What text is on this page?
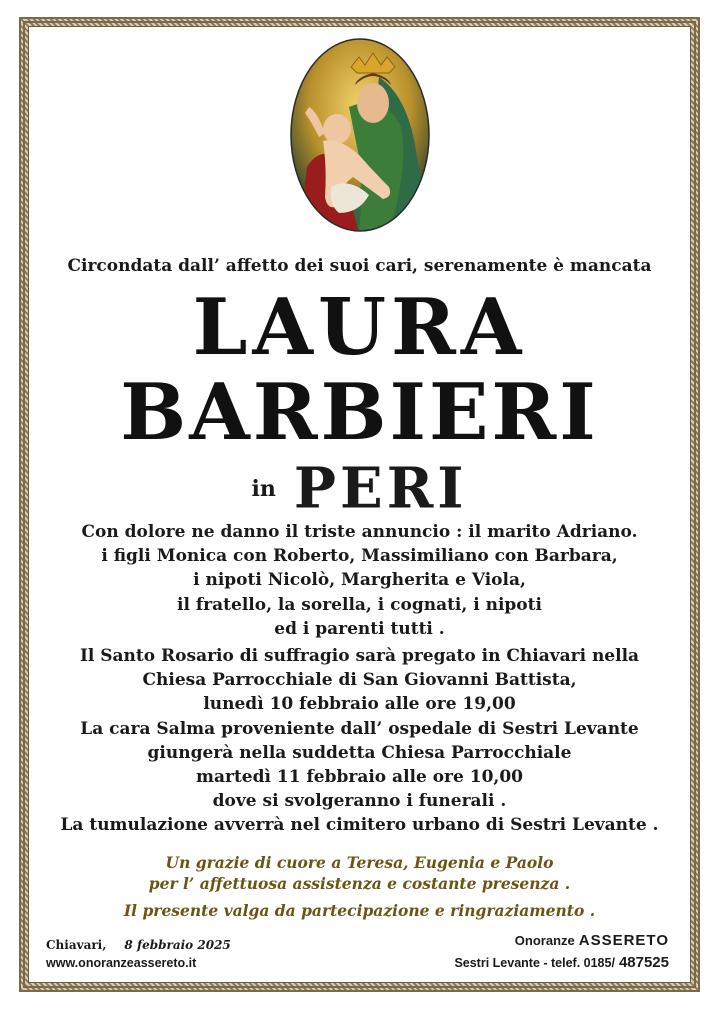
Circondata dall’ affetto dei suoi cari, serenamente è mancata
LAURA
BARBIERI
in PERI
Con dolore ne danno il triste annuncio : il marito Adriano.
i figli Monica con Roberto, Massimiliano con Barbara,
i nipoti Nicolò, Margherita e Viola,
il fratello, la sorella, i cognati, i nipoti
ed i parenti tutti .
Il Santo Rosario di suffragio sarà pregato in Chiavari nella
Chiesa Parrocchiale di San Giovanni Battista,
lunedì 10 febbraio alle ore 19,00
La cara Salma proveniente dall’ ospedale di Sestri Levante
giungerà nella suddetta Chiesa Parrocchiale
martedì 11 febbraio alle ore 10,00
dove si svolgeranno i funerali .
La tumulazione avverrà nel cimitero urbano di Sestri Levante .
Un grazie di cuore a Teresa, Eugenia e Paolo
per l’ affettuosa assistenza e costante presenza .
Il presente valga da partecipazione e ringraziamento .
Chiavari, 8 febbraio 2025
www.onoranzeassereto.it
Onoranze ASSERETO
Sestri Levante - telef. 0185/ 487525
